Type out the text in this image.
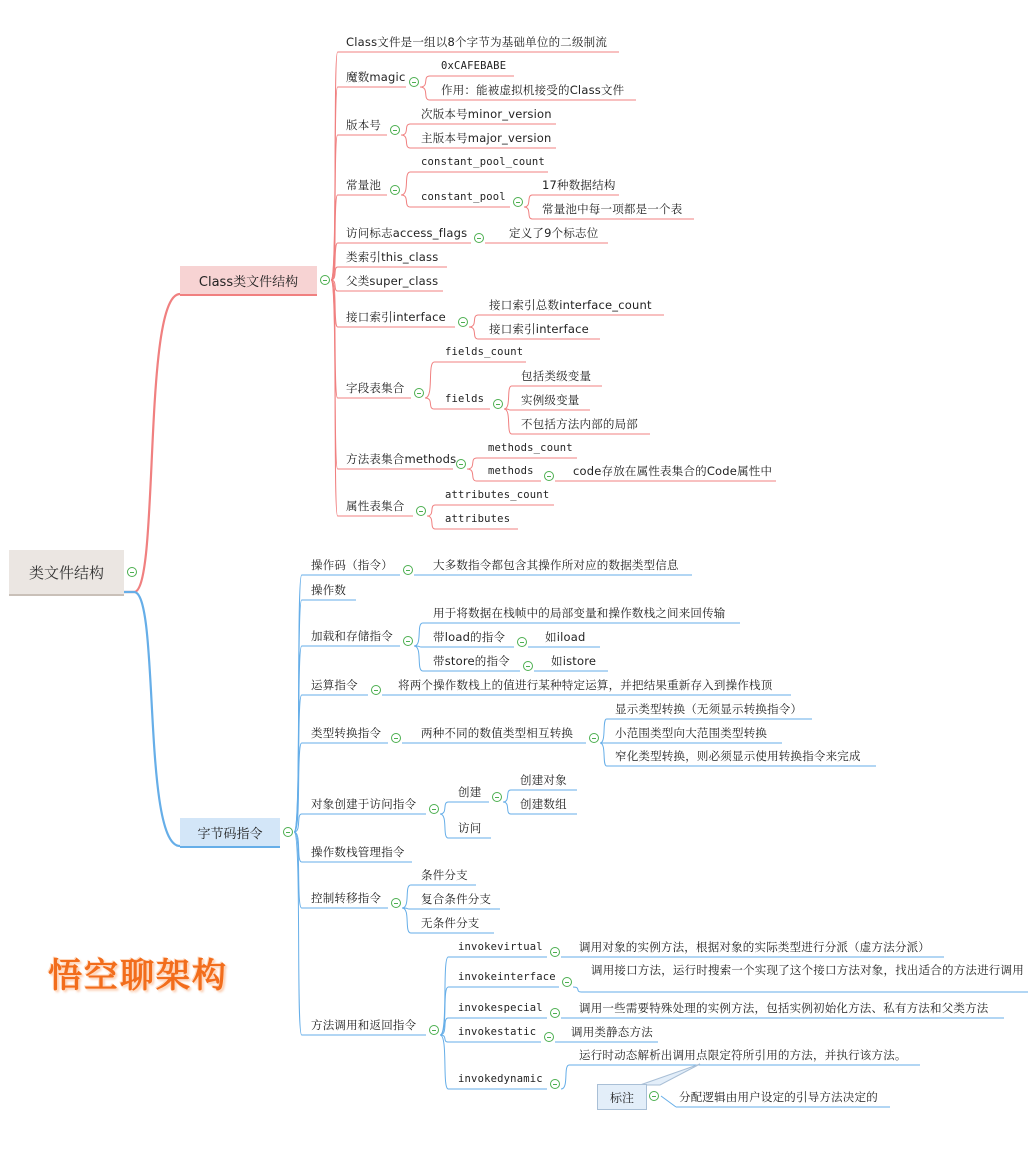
类文件结构
悟空聊架构
标注	分配逻辑由用户设定的引导方法决定的
Class类文件结构
Class文件是一组以8个字节为基础单位的二级制流
魔数magic
0xCAFEBABE
作用：能被虚拟机接受的Class文件
版本号
次版本号minor_version
主版本号major_version
常量池
constant_pool_count
constant_pool
17种数据结构
常量池中每一项都是一个表
访问标志access_flags	定义了9个标志位
类索引this_class
父类super_class
接口索引interface
接口索引总数interface_count
接口索引interface
字段表集合
fields_count
fields
包括类级变量
实例级变量
不包括方法内部的局部
方法表集合methods
methods_count
methods	code存放在属性表集合的Code属性中
属性表集合
attributes_count
attributes
字节码指令
操作码（指令）	大多数指令都包含其操作所对应的数据类型信息
操作数
加载和存储指令
用于将数据在栈帧中的局部变量和操作数栈之间来回传输
带load的指令	如iload
带store的指令	如istore
运算指令	将两个操作数栈上的值进行某种特定运算，并把结果重新存入到操作栈顶
类型转换指令	两种不同的数值类型相互转换
显示类型转换（无须显示转换指令）
小范围类型向大范围类型转换
窄化类型转换，则必须显示使用转换指令来完成
对象创建于访问指令
创建
创建对象
创建数组
访问
操作数栈管理指令
控制转移指令
条件分支
复合条件分支
无条件分支
方法调用和返回指令
invokevirtual	调用对象的实例方法，根据对象的实际类型进行分派（虚方法分派）
invokeinterface	调用接口方法，运行时搜索一个实现了这个接口方法对象，找出适合的方法进行调用
invokespecial	调用一些需要特殊处理的实例方法，包括实例初始化方法、私有方法和父类方法
invokestatic	调用类静态方法
invokedynamic
运行时动态解析出调用点限定符所引用的方法，并执行该方法。
